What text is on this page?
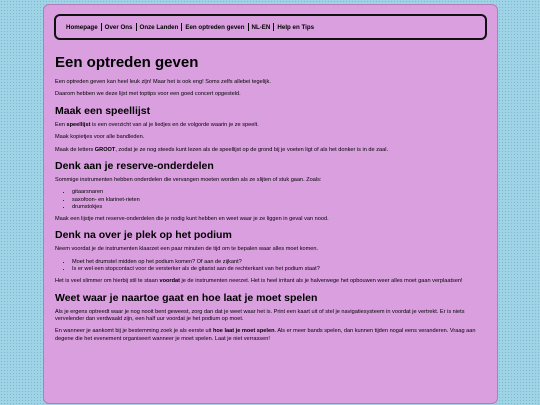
Homepage	Over Ons	Onze Landen	Een optreden geven	NL-EN	Help en Tips
Een optreden geven

Een optreden geven kan heel leuk zijn! Maar het is ook eng! Soms zelfs allebei tegelijk.

Daarom hebben we deze lijst met toptips voor een goed concert opgesteld.

Maak een speellijst

Een speellijst is een overzicht van al je liedjes en de volgorde waarin je ze speelt.

Maak kopietjes voor alle bandleden.

Maak de letters GROOT, zodat je ze nog steeds kunt lezen als de speellijst op de grond bij je voeten ligt of als het donker is in de zaal.

Denk aan je reserve-onderdelen

Sommige instrumenten hebben onderdelen die vervangen moeten worden als ze slijten of stuk gaan. Zoals:

• gitaarsnaren
• saxofoon- en klarinet-rieten
• drumstokjes

Maak een lijstje met reserve-onderdelen die je nodig kunt hebben en weet waar je ze liggen in geval van nood.

Denk na over je plek op het podium

Neem voordat je de instrumenten klaarzet een paar minuten de tijd om te bepalen waar alles moet komen.

• Moet het drumstel midden op het podium komen? Of aan de zijkant?
• Is er wel een stopcontact voor de versterker als de gitarist aan de rechterkant van het podium staat?

Het is veel slimmer om hierbij stil te staan voordat je de instrumenten neerzet. Het is heel irritant als je halverwege het opbouwen weer alles moet gaan verplaatsen!

Weet waar je naartoe gaat en hoe laat je moet spelen

Als je ergens optreedt waar je nog nooit bent geweest, zorg dan dat je weet waar het is. Print een kaart uit of stel je navigatiesysteem in voordat je vertrekt. Er is niets vervelender dan verdwaald zijn, een half uur voordat je het podium op moet.

En wanneer je aankomt bij je bestemming zoek je als eerste uit hoe laat je moet spelen. Als er meer bands spelen, dan kunnen tijden nogal eens veranderen. Vraag aan degene die het evenement organiseert wanneer je moet spelen. Laat je niet verrassen!
